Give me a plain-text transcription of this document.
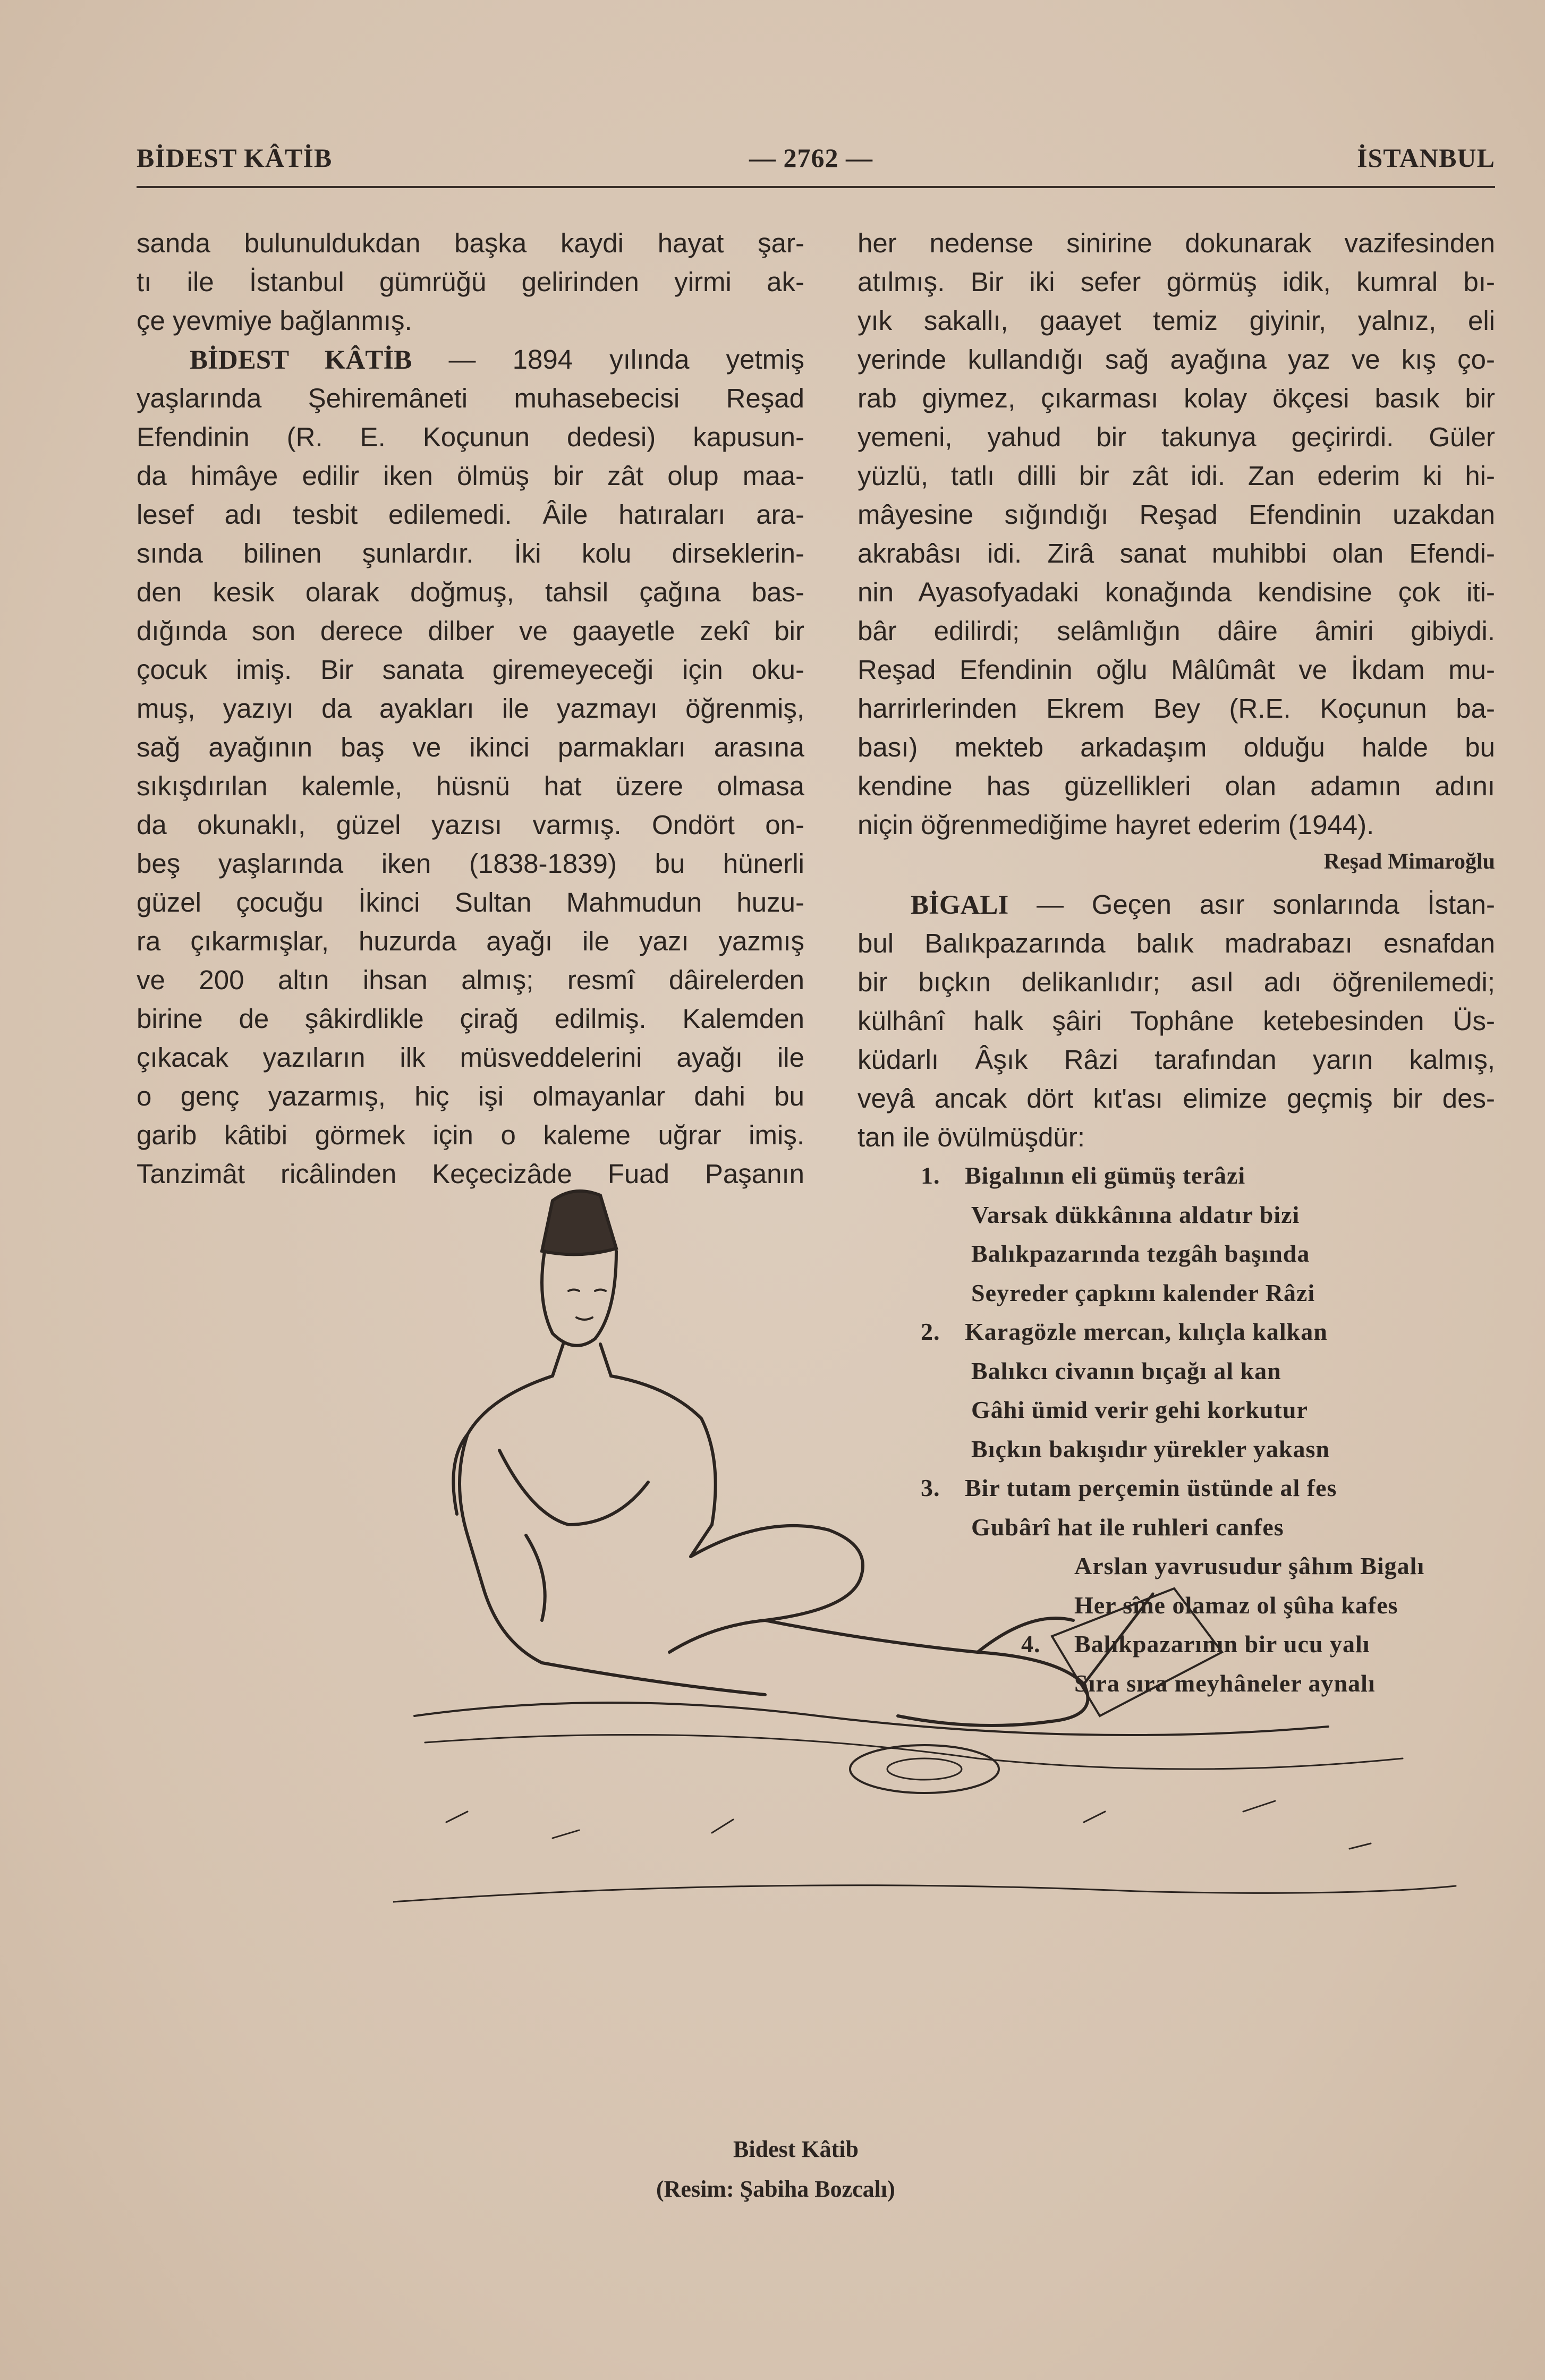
BİDEST KÂTİB	— 2762 —	İSTANBUL
sanda bulunuldukdan başka kaydi hayat şar-
tı ile İstanbul gümrüğü gelirinden yirmi ak-
çe yevmiye bağlanmış.
BİDEST KÂTİB — 1894 yılında yetmiş
yaşlarında Şehiremâneti muhasebecisi Reşad
Efendinin (R. E. Koçunun dedesi) kapusun-
da himâye edilir iken ölmüş bir zât olup maa-
lesef adı tesbit edilemedi. Âile hatıraları ara-
sında bilinen şunlardır. İki kolu dirseklerin-
den kesik olarak doğmuş, tahsil çağına bas-
dığında son derece dilber ve gaayetle zekî bir
çocuk imiş. Bir sanata giremeyeceği için oku-
muş, yazıyı da ayakları ile yazmayı öğrenmiş,
sağ ayağının baş ve ikinci parmakları arasına
sıkışdırılan kalemle, hüsnü hat üzere olmasa
da okunaklı, güzel yazısı varmış. Ondört on-
beş yaşlarında iken (1838-1839) bu hünerli
güzel çocuğu İkinci Sultan Mahmudun huzu-
ra çıkarmışlar, huzurda ayağı ile yazı yazmış
ve 200 altın ihsan almış; resmî dâirelerden
birine de şâkirdlikle çirağ edilmiş. Kalemden
çıkacak yazıların ilk müsveddelerini ayağı ile
o genç yazarmış, hiç işi olmayanlar dahi bu
garib kâtibi görmek için o kaleme uğrar imiş.
Tanzimât ricâlinden Keçecizâde Fuad Paşanın
her nedense sinirine dokunarak vazifesinden
atılmış. Bir iki sefer görmüş idik, kumral bı-
yık sakallı, gaayet temiz giyinir, yalnız, eli
yerinde kullandığı sağ ayağına yaz ve kış ço-
rab giymez, çıkarması kolay ökçesi basık bir
yemeni, yahud bir takunya geçirirdi. Güler
yüzlü, tatlı dilli bir zât idi. Zan ederim ki hi-
mâyesine sığındığı Reşad Efendinin uzakdan
akrabâsı idi. Zirâ sanat muhibbi olan Efendi-
nin Ayasofyadaki konağında kendisine çok iti-
bâr edilirdi; selâmlığın dâire âmiri gibiydi.
Reşad Efendinin oğlu Mâlûmât ve İkdam mu-
harrirlerinden Ekrem Bey (R.E. Koçunun ba-
bası) mekteb arkadaşım olduğu halde bu
kendine has güzellikleri olan adamın adını
niçin öğrenmediğime hayret ederim (1944).
Reşad Mimaroğlu
BİGALI — Geçen asır sonlarında İstan-
bul Balıkpazarında balık madrabazı esnafdan
bir bıçkın delikanlıdır; asıl adı öğrenilemedi;
külhânî halk şâiri Tophâne ketebesinden Üs-
küdarlı Âşık Râzi tarafından yarın kalmış,
veyâ ancak dört kıt'ası elimize geçmiş bir des-
tan ile övülmüşdür:
1. Bigalının eli gümüş terâzi
Varsak dükkânına aldatır bizi
Balıkpazarında tezgâh başında
Seyreder çapkını kalender Râzi
2. Karagözle mercan, kılıçla kalkan
Balıkcı civanın bıçağı al kan
Gâhi ümid verir gehi korkutur
Bıçkın bakışıdır yürekler yakasn
3. Bir tutam perçemin üstünde al fes
Gubârî hat ile ruhleri canfes
Arslan yavrusudur şâhım Bigalı
Her sîne olamaz ol şûha kafes
4. Balıkpazarının bir ucu yalı
Sıra sıra meyhâneler aynalı
Bidest Kâtib
(Resim: Şabiha Bozcalı)
